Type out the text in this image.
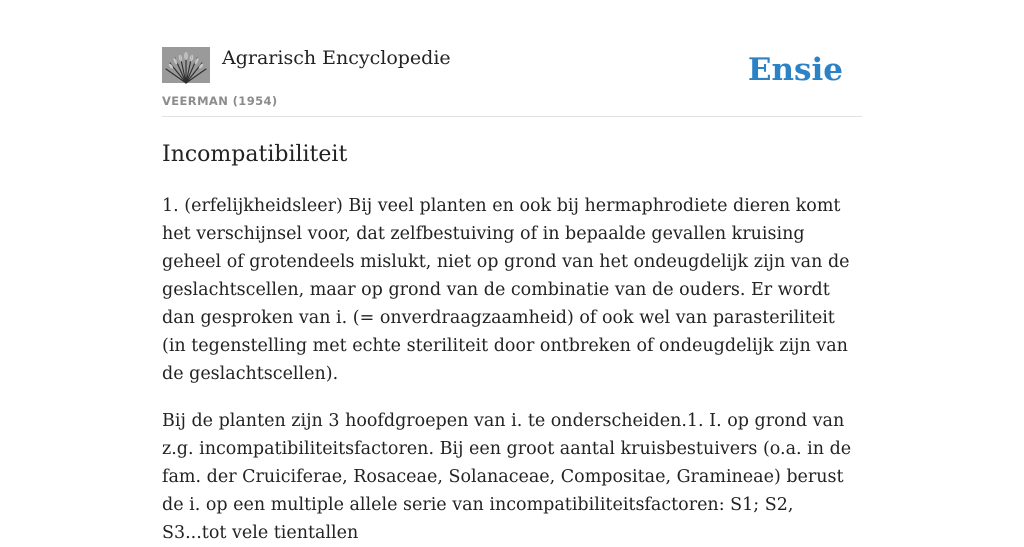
Agrarisch Encyclopedie
VEERMAN (1954)
Ensie
Incompatibiliteit

1. (erfelijkheidsleer) Bij veel planten en ook bij hermaphrodiete dieren komt het verschijnsel voor, dat zelfbestuiving of in bepaalde gevallen kruising geheel of grotendeels mislukt, niet op grond van het ondeugdelijk zijn van de geslachtscellen, maar op grond van de combinatie van de ouders. Er wordt dan gesproken van i. (= onverdraagzaamheid) of ook wel van parasteriliteit (in tegenstelling met echte steriliteit door ontbreken of ondeugdelijk zijn van de geslachtscellen).

Bij de planten zijn 3 hoofdgroepen van i. te onderscheiden.1. I. op grond van z.g. incompatibiliteitsfactoren. Bij een groot aantal kruisbestuivers (o.a. in de fam. der Cruiciferae, Rosaceae, Solanaceae, Compositae, Gramineae) berust de i. op een multiple allele serie van incompatibiliteitsfactoren: S1; S2, S3...tot vele tientallen
